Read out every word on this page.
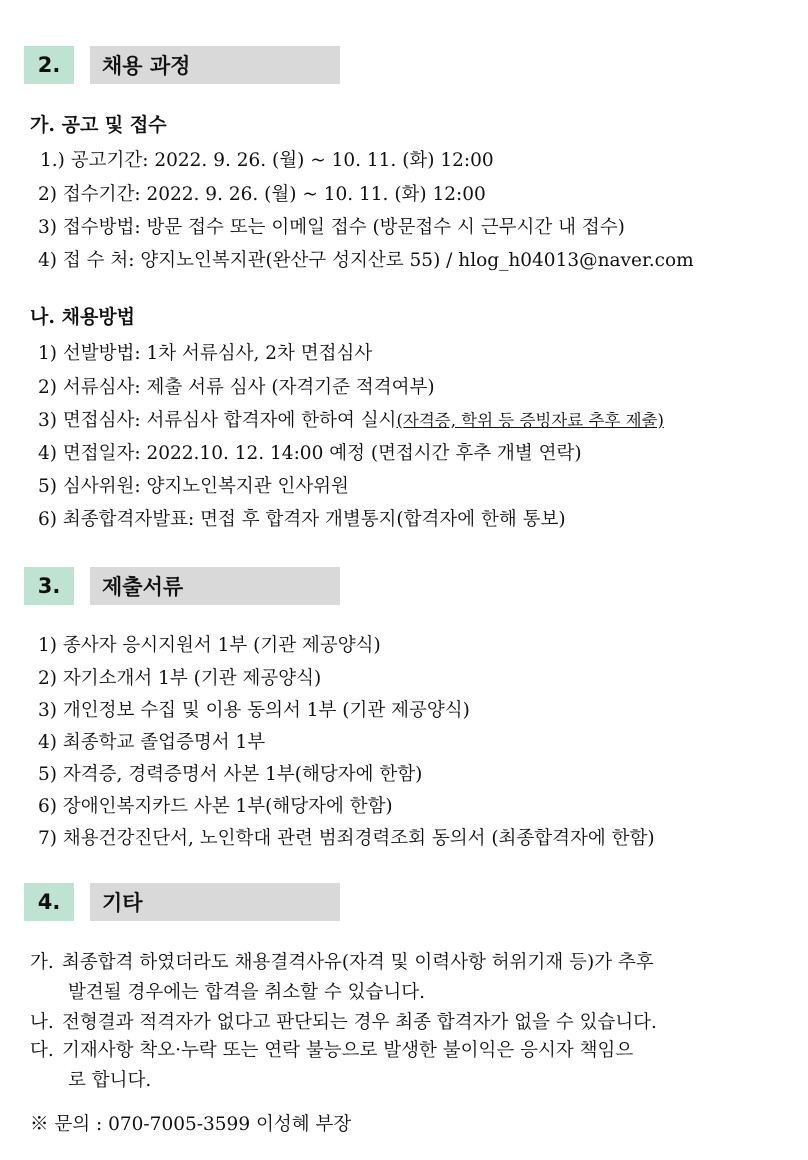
2.	채용 과정
가. 공고 및 접수
1.) 공고기간: 2022. 9. 26. (월) ~ 10. 11. (화) 12:00
2) 접수기간: 2022. 9. 26. (월) ~ 10. 11. (화) 12:00
3) 접수방법: 방문 접수 또는 이메일 접수 (방문접수 시 근무시간 내 접수)
4) 접 수 처: 양지노인복지관(완산구 성지산로 55) / hlog_h04013@naver.com
나. 채용방법
1) 선발방법: 1차 서류심사, 2차 면접심사
2) 서류심사: 제출 서류 심사 (자격기준 적격여부)
3) 면접심사: 서류심사 합격자에 한하여 실시(자격증, 학위 등 증빙자료 추후 제출)
4) 면접일자: 2022.10. 12. 14:00 예정 (면접시간 후추 개별 연락)
5) 심사위원: 양지노인복지관 인사위원
6) 최종합격자발표: 면접 후 합격자 개별통지(합격자에 한해 통보)
3.	제출서류
1) 종사자 응시지원서 1부 (기관 제공양식)
2) 자기소개서 1부 (기관 제공양식)
3) 개인정보 수집 및 이용 동의서 1부 (기관 제공양식)
4) 최종학교 졸업증명서 1부
5) 자격증, 경력증명서 사본 1부(해당자에 한함)
6) 장애인복지카드 사본 1부(해당자에 한함)
7) 채용건강진단서, 노인학대 관련 범죄경력조회 동의서 (최종합격자에 한함)
4.	기타
가. 최종합격 하였더라도 채용결격사유(자격 및 이력사항 허위기재 등)가 추후
발견될 경우에는 합격을 취소할 수 있습니다.
나. 전형결과 적격자가 없다고 판단되는 경우 최종 합격자가 없을 수 있습니다.
다. 기재사항 착오·누락 또는 연락 불능으로 발생한 불이익은 응시자 책임으
로 합니다.
※ 문의 : 070-7005-3599 이성혜 부장
